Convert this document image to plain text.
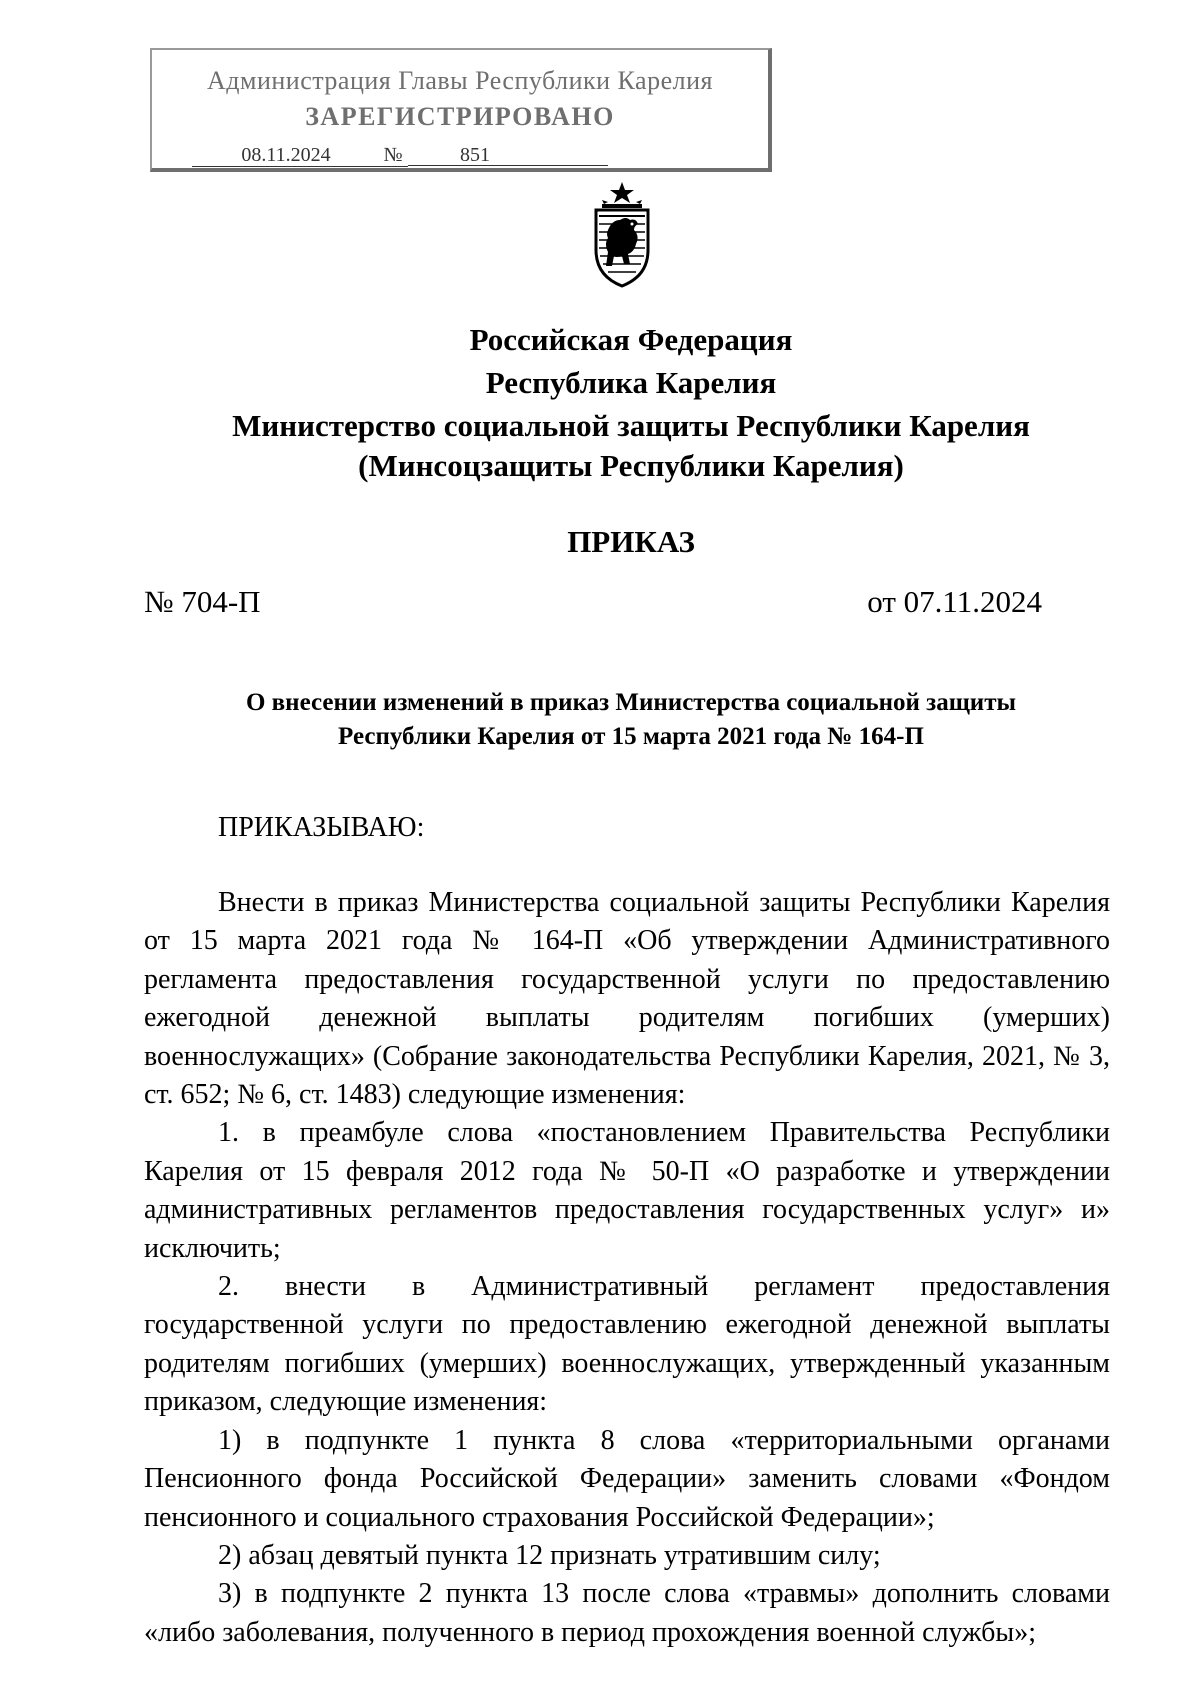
Администрация Главы Республики Карелия
ЗАРЕГИСТРИРОВАНО
08.11.2024	№	851
Российская Федерация
Республика Карелия
Министерство социальной защиты Республики Карелия
(Минсоцзащиты Республики Карелия)
ПРИКАЗ
№ 704-П	от 07.11.2024
О внесении изменений в приказ Министерства социальной защиты
Республики Карелия от 15 марта 2021 года № 164-П
ПРИКАЗЫВАЮ:

Внести в приказ Министерства социальной защиты Республики Карелия от 15 марта 2021 года № 164-П «Об утверждении Административного регламента предоставления государственной услуги по предоставлению ежегодной денежной выплаты родителям погибших (умерших) военнослужащих» (Собрание законодательства Республики Карелия, 2021, № 3, ст. 652; № 6, ст. 1483) следующие изменения:

1. в преамбуле слова «постановлением Правительства Республики Карелия от 15 февраля 2012 года № 50-П «О разработке и утверждении административных регламентов предоставления государственных услуг» и» исключить;

2. внести в Административный регламент предоставления государственной услуги по предоставлению ежегодной денежной выплаты родителям погибших (умерших) военнослужащих, утвержденный указанным приказом, следующие изменения:

1) в подпункте 1 пункта 8 слова «территориальными органами Пенсионного фонда Российской Федерации» заменить словами «Фондом пенсионного и социального страхования Российской Федерации»;

2) абзац девятый пункта 12 признать утратившим силу;

3) в подпункте 2 пункта 13 после слова «травмы» дополнить словами «либо заболевания, полученного в период прохождения военной службы»;
